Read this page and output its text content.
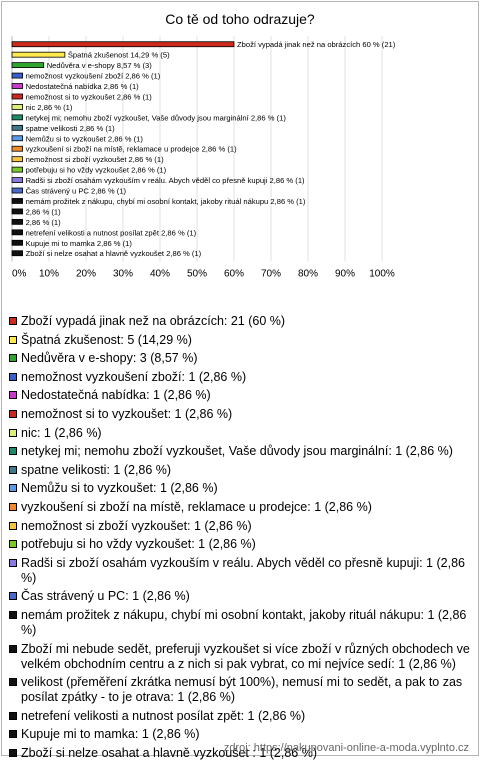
Co tě od toho odrazuje?
0% 10% 20% 30% 40% 50% 60% 70% 80% 90% 100%
Zboží vypadá jinak než na obrázcích 60 % (21)
Špatná zkušenost 14,29 % (5)
Nedůvěra v e-shopy 8,57 % (3)
nemožnost vyzkoušení zboží 2,86 % (1)
Nedostatečná nabídka 2,86 % (1)
nemožnost si to vyzkoušet 2,86 % (1)
nic 2,86 % (1)
netykej mi; nemohu zboží vyzkoušet, Vaše důvody jsou marginální 2,86 % (1)
spatne velikosti 2,86 % (1)
Nemůžu si to vyzkoušet 2,86 % (1)
vyzkoušení si zboží na místě, reklamace u prodejce 2,86 % (1)
nemožnost si zboží vyzkoušet 2,86 % (1)
potřebuju si ho vždy vyzkoušet 2,86 % (1)
Radši si zboží osahám vyzkouším v reálu. Abych věděl co přesně kupuji 2,86 % (1)
Čas strávený u PC 2,86 % (1)
nemám prožitek z nákupu, chybí mi osobní kontakt, jakoby rituál nákupu 2,86 % (1)
2,86 % (1)
2,86 % (1)
netrefení velikosti a nutnost posílat zpět 2,86 % (1)
Kupuje mi to mamka 2,86 % (1)
Zboží si nelze osahat a hlavně vyzkoušet 2,86 % (1)
Zboží vypadá jinak než na obrázcích: 21 (60 %)
Špatná zkušenost: 5 (14,29 %)
Nedůvěra v e-shopy: 3 (8,57 %)
nemožnost vyzkoušení zboží: 1 (2,86 %)
Nedostatečná nabídka: 1 (2,86 %)
nemožnost si to vyzkoušet: 1 (2,86 %)
nic: 1 (2,86 %)
netykej mi; nemohu zboží vyzkoušet, Vaše důvody jsou marginální: 1 (2,86 %)
spatne velikosti: 1 (2,86 %)
Nemůžu si to vyzkoušet: 1 (2,86 %)
vyzkoušení si zboží na místě, reklamace u prodejce: 1 (2,86 %)
nemožnost si zboží vyzkoušet: 1 (2,86 %)
potřebuju si ho vždy vyzkoušet: 1 (2,86 %)
Radši si zboží osahám vyzkouším v reálu. Abych věděl co přesně kupuji: 1 (2,86 %)
Čas strávený u PC: 1 (2,86 %)
nemám prožitek z nákupu, chybí mi osobní kontakt, jakoby rituál nákupu: 1 (2,86 %)
Zboží mi nebude sedět, preferuji vyzkoušet si více zboží v různých obchodech ve velkém obchodním centru a z nich si pak vybrat, co mi nejvíce sedí: 1 (2,86 %)
velikost (přeměření zkrátka nemusí být 100%), nemusí mi to sedět, a pak to zas posílat zpátky - to je otrava: 1 (2,86 %)
netrefení velikosti a nutnost posílat zpět: 1 (2,86 %)
Kupuje mi to mamka: 1 (2,86 %)
Zboží si nelze osahat a hlavně vyzkoušet : 1 (2,86 %)
zdroj: https://nakupovani-online-a-moda.vyplnto.cz
